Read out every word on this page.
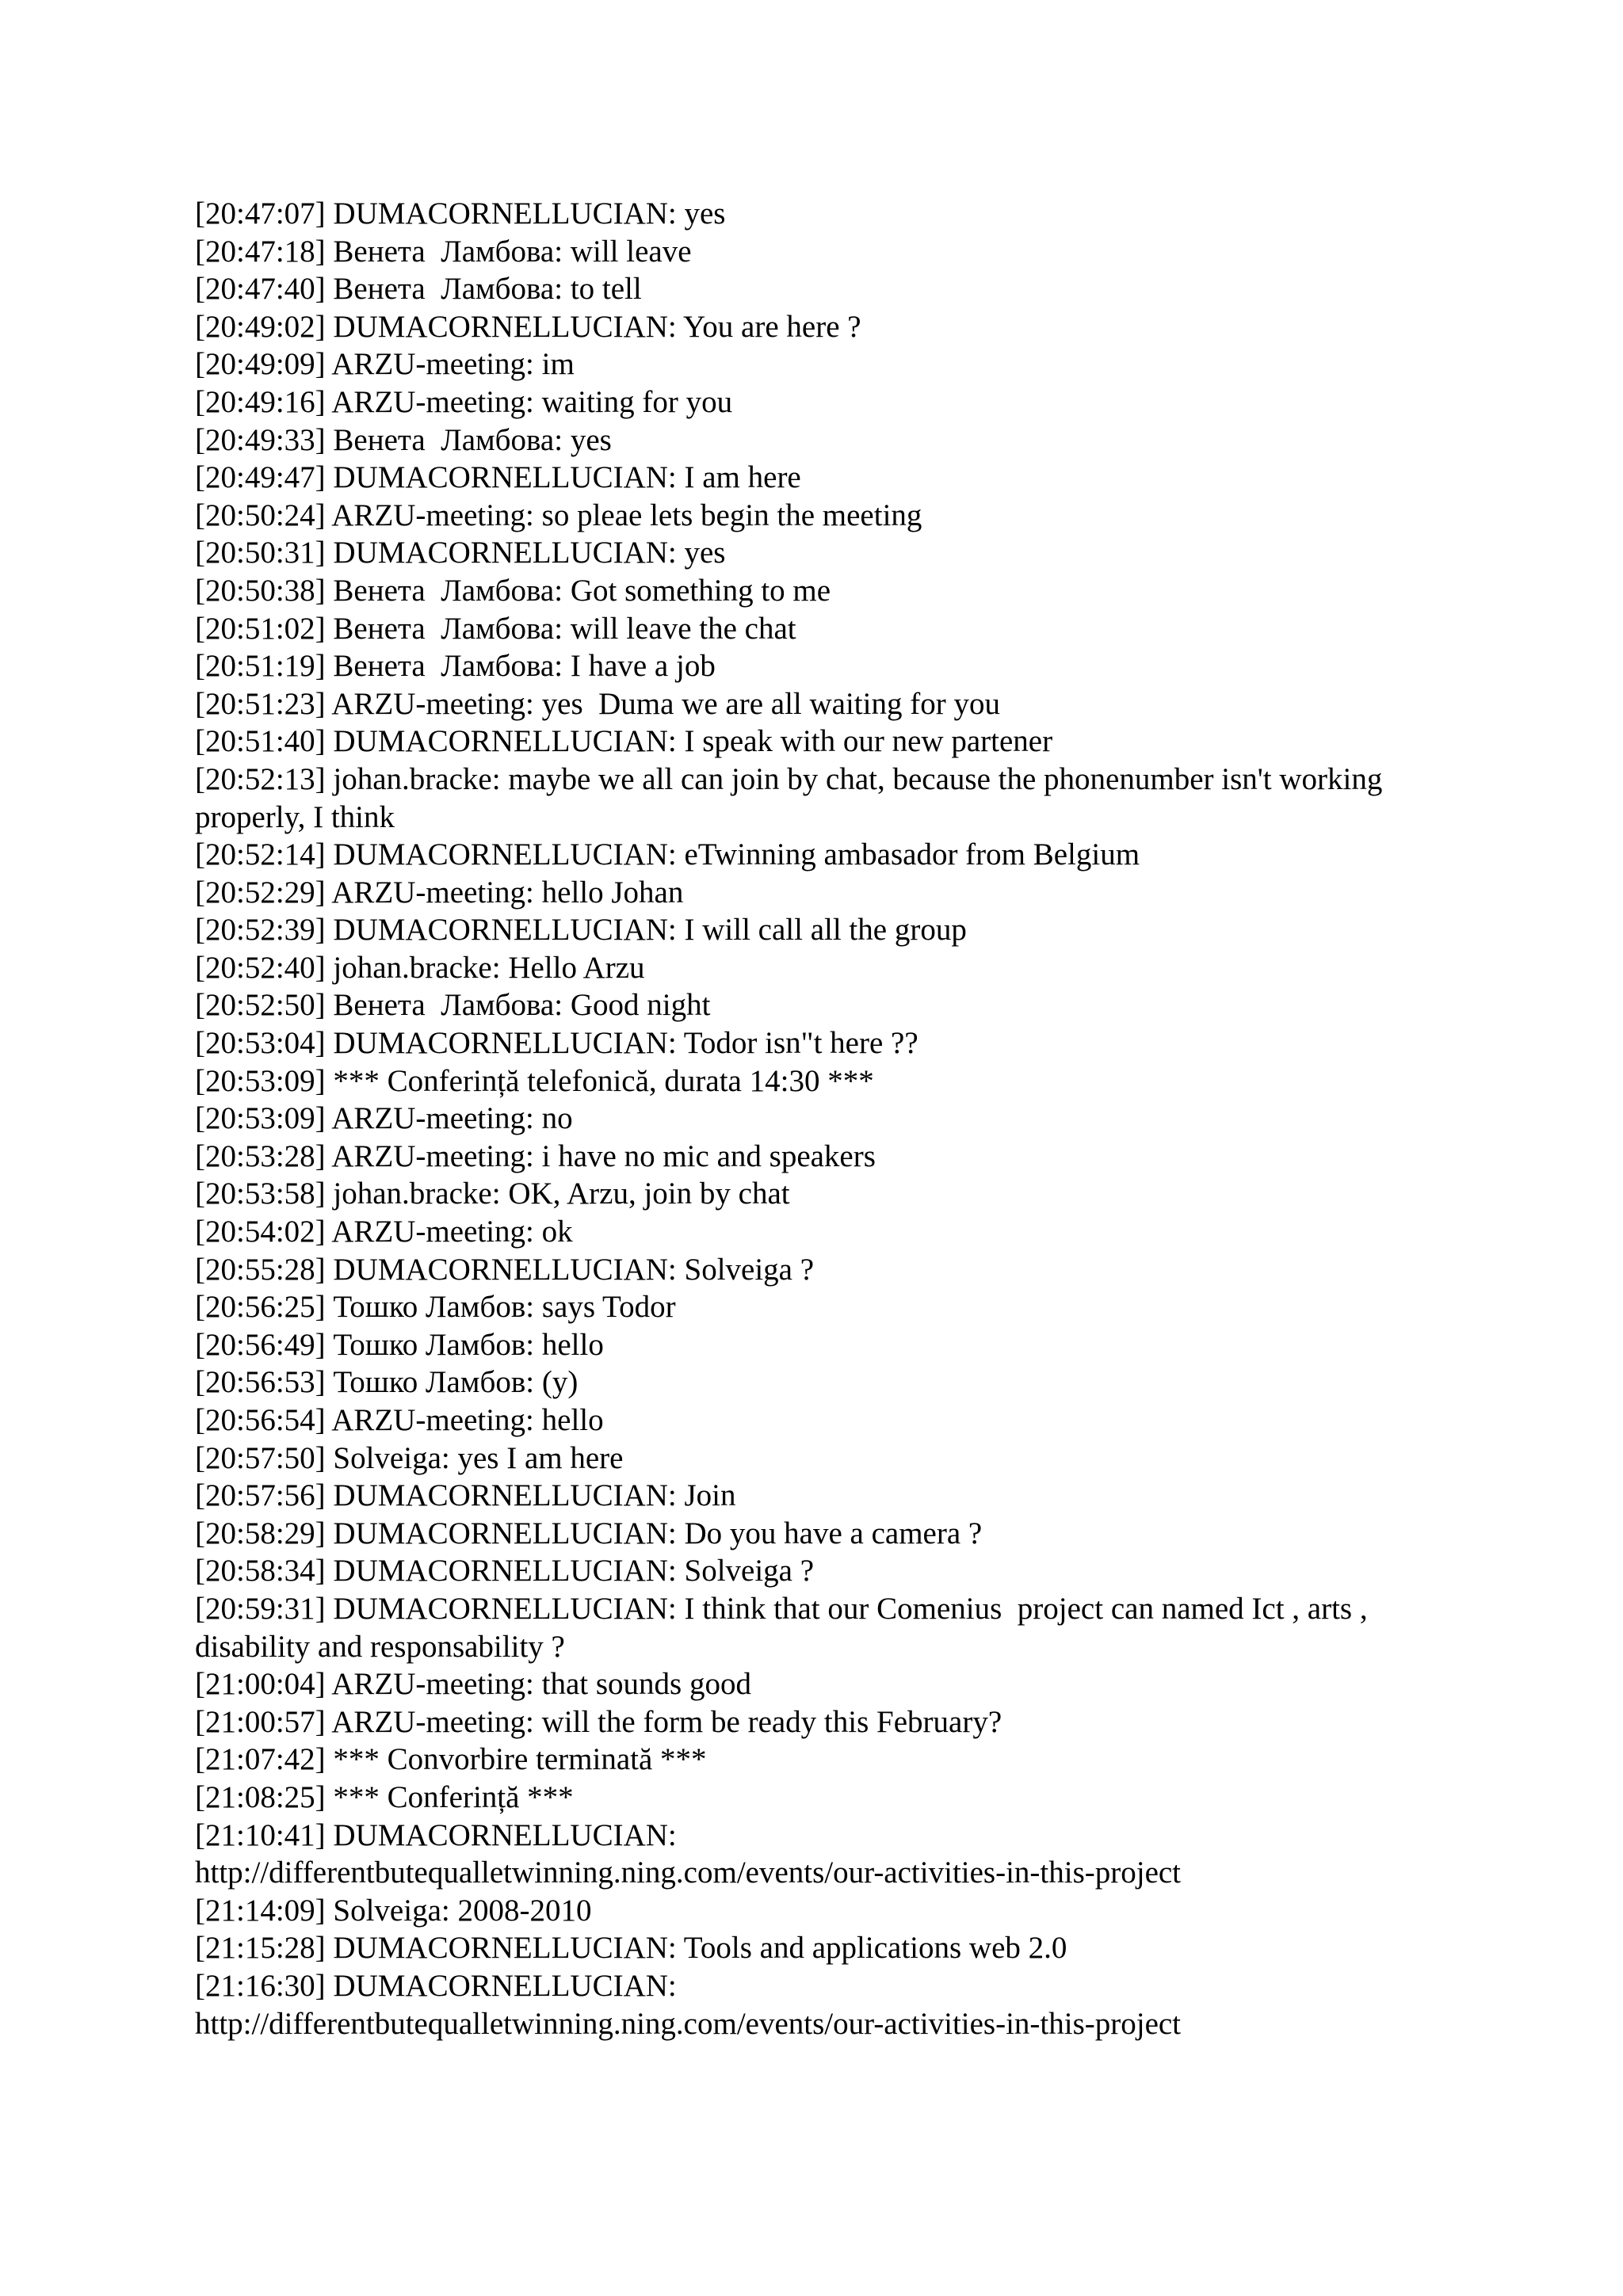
[20:47:07] DUMACORNELLUCIAN: yes
[20:47:18] Венета  Ламбова: will leave
[20:47:40] Венета  Ламбова: to tell
[20:49:02] DUMACORNELLUCIAN: You are here ?
[20:49:09] ARZU-meeting: im
[20:49:16] ARZU-meeting: waiting for you
[20:49:33] Венета  Ламбова: yes
[20:49:47] DUMACORNELLUCIAN: I am here
[20:50:24] ARZU-meeting: so pleae lets begin the meeting
[20:50:31] DUMACORNELLUCIAN: yes
[20:50:38] Венета  Ламбова: Got something to me
[20:51:02] Венета  Ламбова: will leave the chat
[20:51:19] Венета  Ламбова: I have a job
[20:51:23] ARZU-meeting: yes  Duma we are all waiting for you
[20:51:40] DUMACORNELLUCIAN: I speak with our new partener
[20:52:13] johan.bracke: maybe we all can join by chat, because the phonenumber isn't working properly, I think
[20:52:14] DUMACORNELLUCIAN: eTwinning ambasador from Belgium
[20:52:29] ARZU-meeting: hello Johan
[20:52:39] DUMACORNELLUCIAN: I will call all the group
[20:52:40] johan.bracke: Hello Arzu
[20:52:50] Венета  Ламбова: Good night
[20:53:04] DUMACORNELLUCIAN: Todor isn"t here ??
[20:53:09] *** Conferință telefonică, durata 14:30 ***
[20:53:09] ARZU-meeting: no
[20:53:28] ARZU-meeting: i have no mic and speakers
[20:53:58] johan.bracke: OK, Arzu, join by chat
[20:54:02] ARZU-meeting: ok
[20:55:28] DUMACORNELLUCIAN: Solveiga ?
[20:56:25] Тошко Ламбов: says Todor
[20:56:49] Тошко Ламбов: hello
[20:56:53] Тошко Ламбов: (y)
[20:56:54] ARZU-meeting: hello
[20:57:50] Solveiga: yes I am here
[20:57:56] DUMACORNELLUCIAN: Join
[20:58:29] DUMACORNELLUCIAN: Do you have a camera ?
[20:58:34] DUMACORNELLUCIAN: Solveiga ?
[20:59:31] DUMACORNELLUCIAN: I think that our Comenius  project can named Ict , arts , disability and responsability ?
[21:00:04] ARZU-meeting: that sounds good
[21:00:57] ARZU-meeting: will the form be ready this February?
[21:07:42] *** Convorbire terminată ***
[21:08:25] *** Conferință ***
[21:10:41] DUMACORNELLUCIAN:
http://differentbutequalletwinning.ning.com/events/our-activities-in-this-project
[21:14:09] Solveiga: 2008-2010
[21:15:28] DUMACORNELLUCIAN: Tools and applications web 2.0
[21:16:30] DUMACORNELLUCIAN:
http://differentbutequalletwinning.ning.com/events/our-activities-in-this-project
